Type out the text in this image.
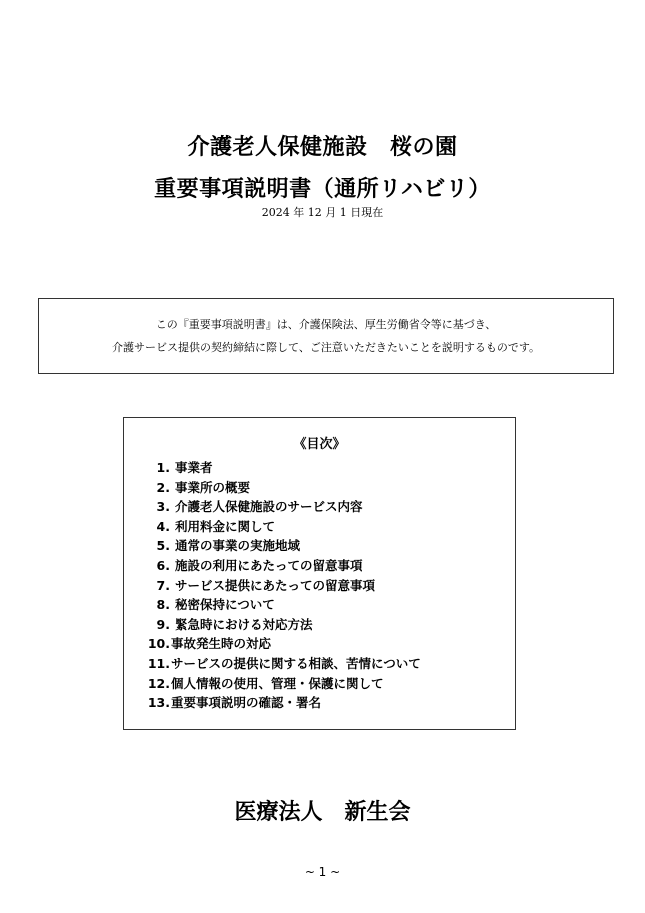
介護老人保健施設　桜の園
重要事項説明書（通所リハビリ）
2024 年 12 月 1 日現在
この『重要事項説明書』は、介護保険法、厚生労働省令等に基づき、
介護サービス提供の契約締結に際して、ご注意いただきたいことを説明するものです。
《目次》
1. 事業者
2. 事業所の概要
3. 介護老人保健施設のサービス内容
4. 利用料金に関して
5. 通常の事業の実施地域
6. 施設の利用にあたっての留意事項
7. サービス提供にあたっての留意事項
8. 秘密保持について
9. 緊急時における対応方法
10. 事故発生時の対応
11. サービスの提供に関する相談、苦情について
12. 個人情報の使用、管理・保護に関して
13. 重要事項説明の確認・署名
医療法人　新生会
~ 1 ~
